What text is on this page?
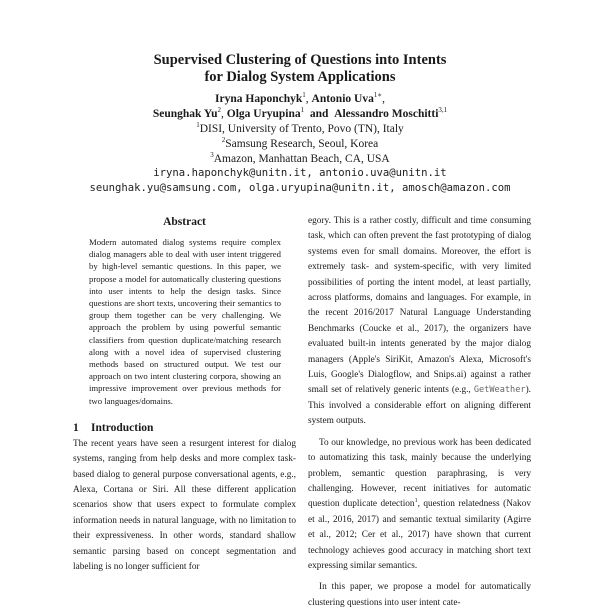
Supervised Clustering of Questions into Intents
for Dialog System Applications
Iryna Haponchyk$^1$, Antonio Uva$^{1∗}$,
Seunghak Yu$^2$, Olga Uryupina$^1$ and Alessandro Moschitti$^{3,1}$
$^1$DISI, University of Trento, Povo (TN), Italy
$^2$Samsung Research, Seoul, Korea
$^3$Amazon, Manhattan Beach, CA, USA
iryna.haponchyk@unitn.it, antonio.uva@unitn.it
seunghak.yu@samsung.com, olga.uryupina@unitn.it, amosch@amazon.com
Abstract
Modern automated dialog systems require complex dialog managers able to deal with user intent triggered by high-level semantic questions. In this paper, we propose a model for automatically clustering questions into user intents to help the design tasks. Since questions are short texts, uncovering their semantics to group them together can be very challenging. We approach the problem by using powerful semantic classifiers from question duplicate/matching research along with a novel idea of supervised clustering methods based on structured output. We test our approach on two intent clustering corpora, showing an impressive improvement over previous methods for two languages/domains.
1 Introduction

The recent years have seen a resurgent interest for dialog systems, ranging from help desks and more complex task-based dialog to general purpose conversational agents, e.g., Alexa, Cortana or Siri. All these different application scenarios show that users expect to formulate complex information needs in natural language, with no limitation to their expressiveness. In other words, standard shallow semantic parsing based on concept segmentation and labeling is no longer sufficient for

egory. This is a rather costly, difficult and time consuming task, which can often prevent the fast prototyping of dialog systems even for small domains. Moreover, the effort is extremely task- and system-specific, with very limited possibilities of porting the intent model, at least partially, across platforms, domains and languages. For example, in the recent 2016/2017 Natural Language Understanding Benchmarks (Coucke et al., 2017), the organizers have evaluated built-in intents generated by the major dialog managers (Apple's SiriKit, Amazon's Alexa, Microsoft's Luis, Google's Dialogflow, and Snips.ai) against a rather small set of relatively generic intents (e.g., GetWeather). This involved a considerable effort on aligning different system outputs.

To our knowledge, no previous work has been dedicated to automatizing this task, mainly because the underlying problem, semantic question paraphrasing, is very challenging. However, recent initiatives for automatic question duplicate detection$^1$, question relatedness (Nakov et al., 2016, 2017) and semantic textual similarity (Agirre et al., 2012; Cer et al., 2017) have shown that current technology achieves good accuracy in matching short text expressing similar semantics.

In this paper, we propose a model for automatically clustering questions into user intent cate-
